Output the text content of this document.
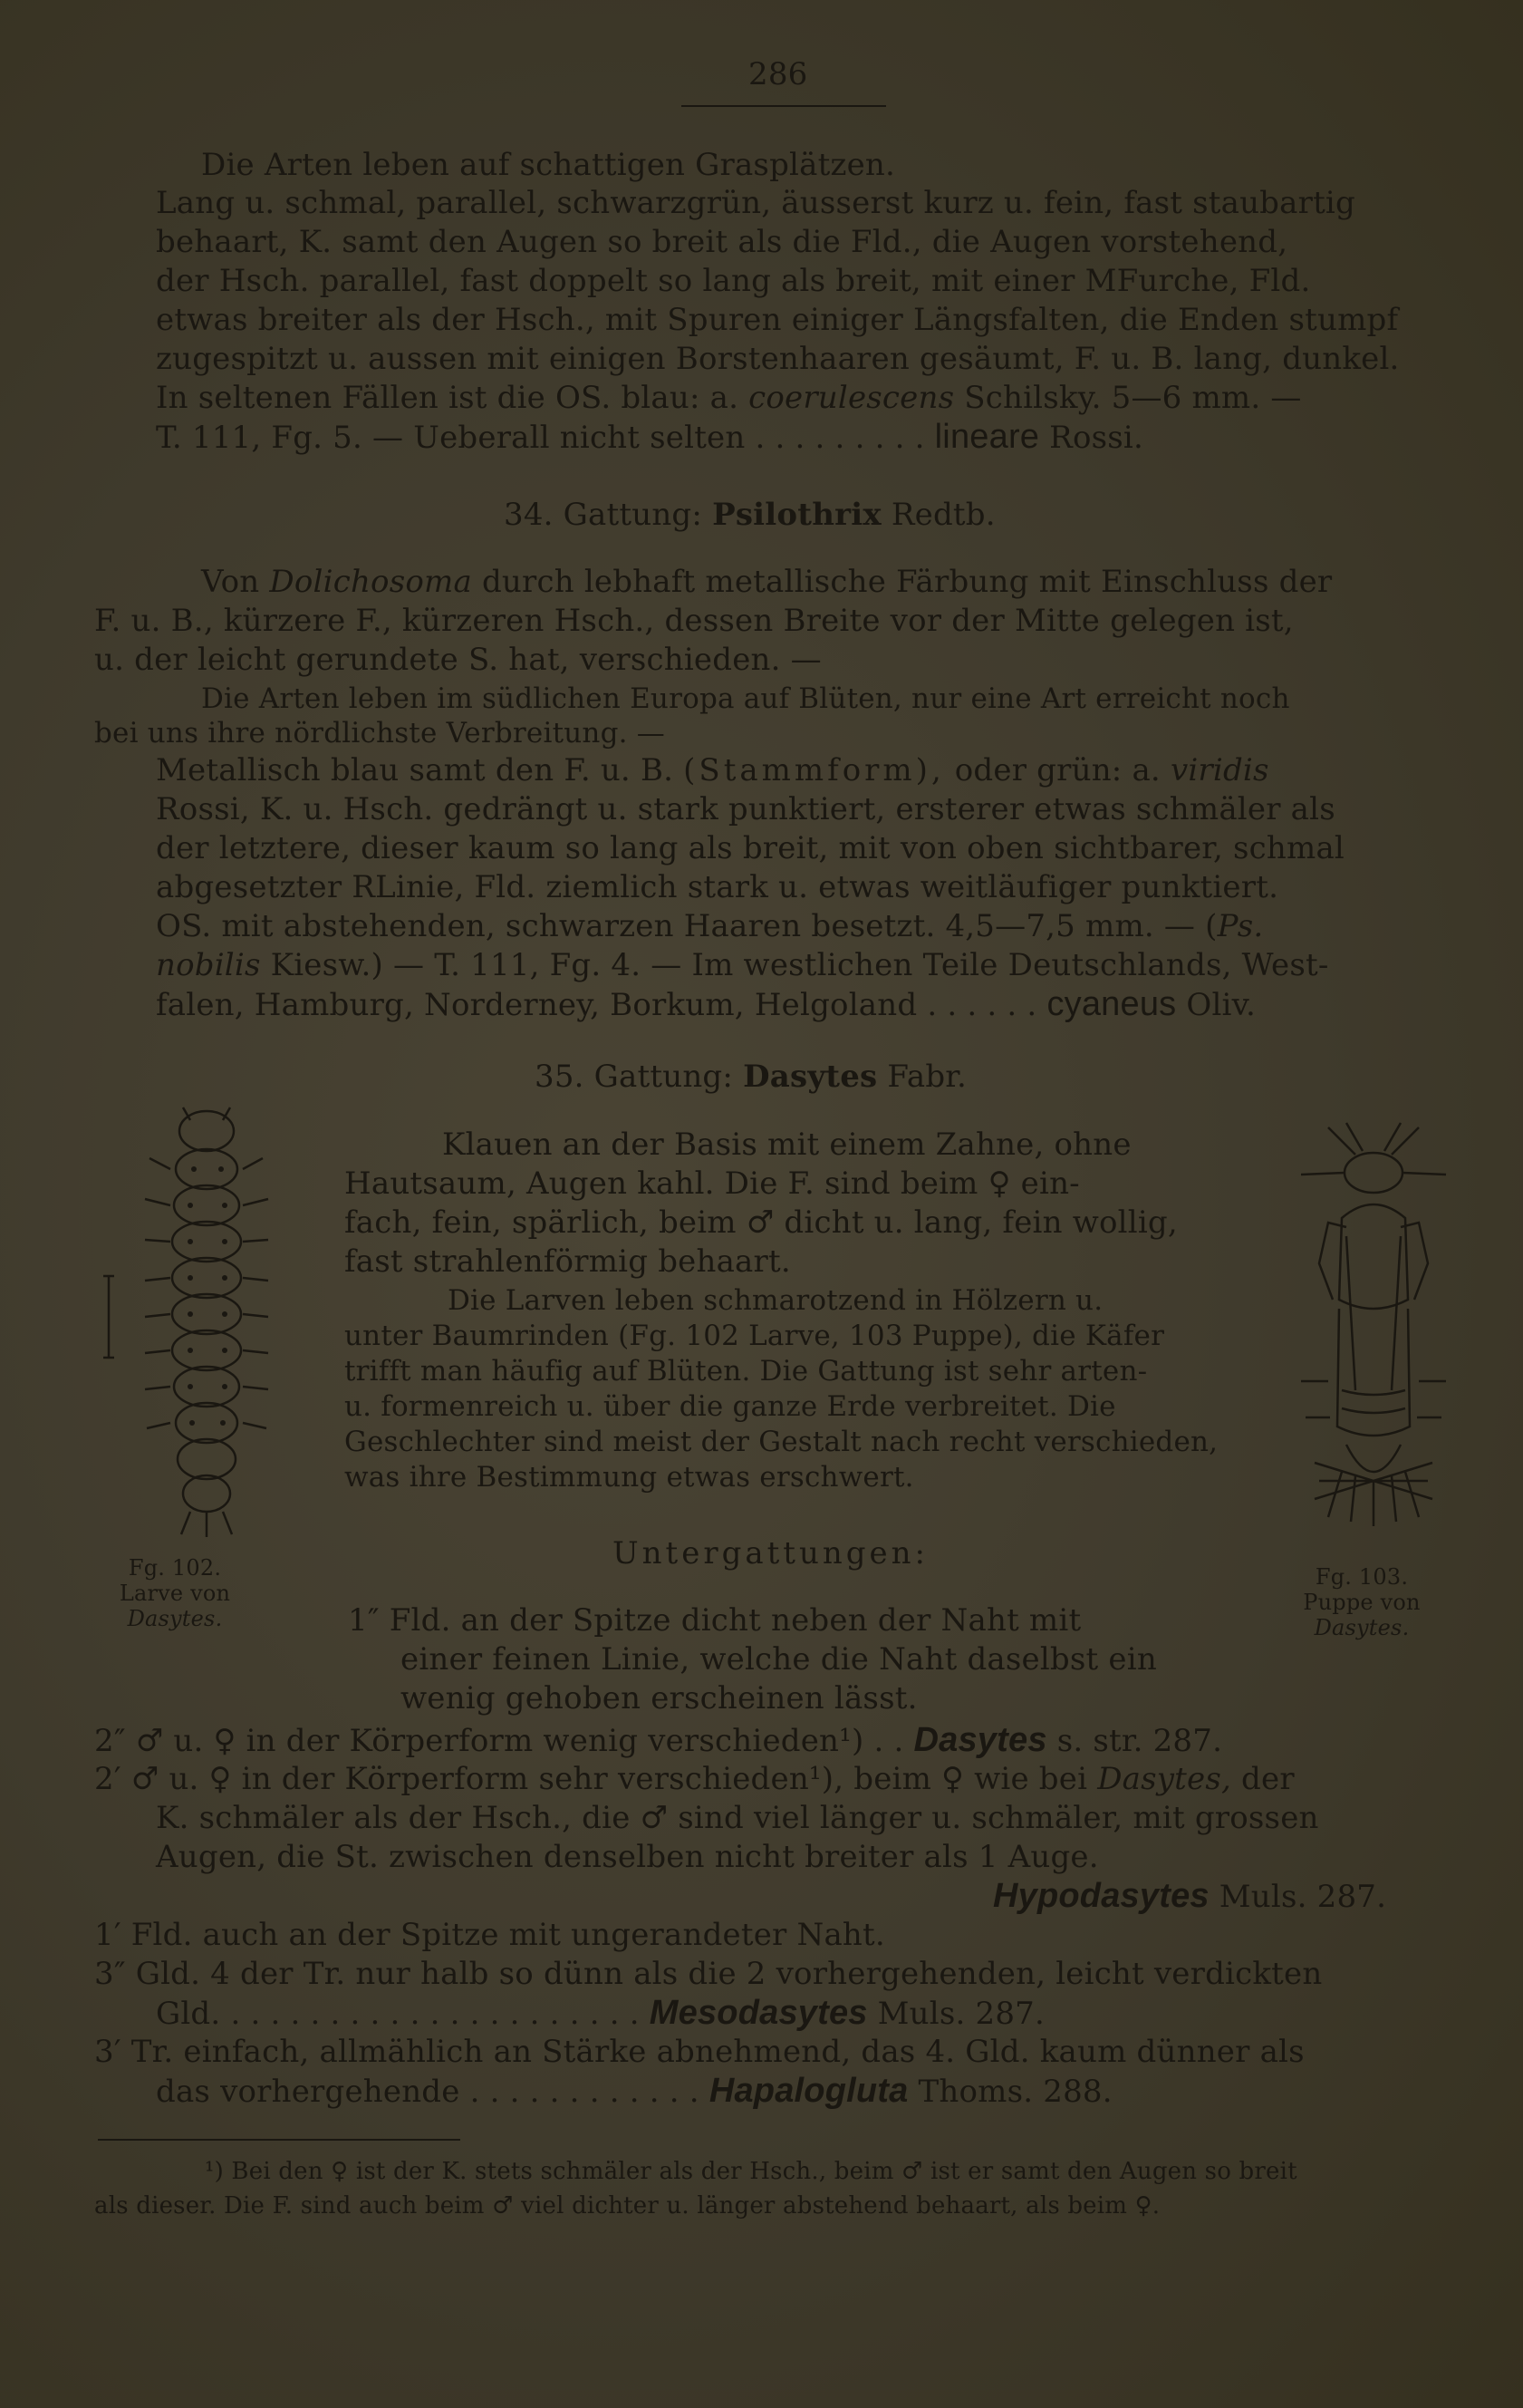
286
Die Arten leben auf schattigen Grasplätzen.
Lang u. schmal, parallel, schwarzgrün, äusserst kurz u. fein, fast staubartig
behaart, K. samt den Augen so breit als die Fld., die Augen vorstehend,
der Hsch. parallel, fast doppelt so lang als breit, mit einer MFurche, Fld.
etwas breiter als der Hsch., mit Spuren einiger Längsfalten, die Enden stumpf
zugespitzt u. aussen mit einigen Borstenhaaren gesäumt, F. u. B. lang, dunkel.
In seltenen Fällen ist die OS. blau: a. coerulescens Schilsky. 5—6 mm. —
T. 111, Fg. 5. — Ueberall nicht selten . . . . . . . . . lineare Rossi.
34. Gattung: Psilothrix Redtb.
Von Dolichosoma durch lebhaft metallische Färbung mit Einschluss der
F. u. B., kürzere F., kürzeren Hsch., dessen Breite vor der Mitte gelegen ist,
u. der leicht gerundete S. hat, verschieden. —
Die Arten leben im südlichen Europa auf Blüten, nur eine Art erreicht noch
bei uns ihre nördlichste Verbreitung. —
Metallisch blau samt den F. u. B. (Stammform), oder grün: a. viridis
Rossi, K. u. Hsch. gedrängt u. stark punktiert, ersterer etwas schmäler als
der letztere, dieser kaum so lang als breit, mit von oben sichtbarer, schmal
abgesetzter RLinie, Fld. ziemlich stark u. etwas weitläufiger punktiert.
OS. mit abstehenden, schwarzen Haaren besetzt. 4,5—7,5 mm. — (Ps.
nobilis Kiesw.) — T. 111, Fg. 4. — Im westlichen Teile Deutschlands, West-
falen, Hamburg, Norderney, Borkum, Helgoland . . . . . . cyaneus Oliv.
35. Gattung: Dasytes Fabr.
Fg. 102.
Larve von
Dasytes.
Fg. 103.
Puppe von
Dasytes.
Klauen an der Basis mit einem Zahne, ohne
Hautsaum, Augen kahl. Die F. sind beim ♀ ein-
fach, fein, spärlich, beim ♂ dicht u. lang, fein wollig,
fast strahlenförmig behaart.
Die Larven leben schmarotzend in Hölzern u.
unter Baumrinden (Fg. 102 Larve, 103 Puppe), die Käfer
trifft man häufig auf Blüten. Die Gattung ist sehr arten-
u. formenreich u. über die ganze Erde verbreitet. Die
Geschlechter sind meist der Gestalt nach recht verschieden,
was ihre Bestimmung etwas erschwert.
Untergattungen:
1″ Fld. an der Spitze dicht neben der Naht mit
einer feinen Linie, welche die Naht daselbst ein
wenig gehoben erscheinen lässt.
2″ ♂ u. ♀ in der Körperform wenig verschieden¹) . . Dasytes s. str. 287.
2′ ♂ u. ♀ in der Körperform sehr verschieden¹), beim ♀ wie bei Dasytes, der
K. schmäler als der Hsch., die ♂ sind viel länger u. schmäler, mit grossen
Augen, die St. zwischen denselben nicht breiter als 1 Auge.
Hypodasytes Muls. 287.
1′ Fld. auch an der Spitze mit ungerandeter Naht.
3″ Gld. 4 der Tr. nur halb so dünn als die 2 vorhergehenden, leicht verdickten
Gld. . . . . . . . . . . . . . . . . . . . . . Mesodasytes Muls. 287.
3′ Tr. einfach, allmählich an Stärke abnehmend, das 4. Gld. kaum dünner als
das vorhergehende . . . . . . . . . . . . Hapalogluta Thoms. 288.
¹) Bei den ♀ ist der K. stets schmäler als der Hsch., beim ♂ ist er samt den Augen so breit
als dieser. Die F. sind auch beim ♂ viel dichter u. länger abstehend behaart, als beim ♀.
